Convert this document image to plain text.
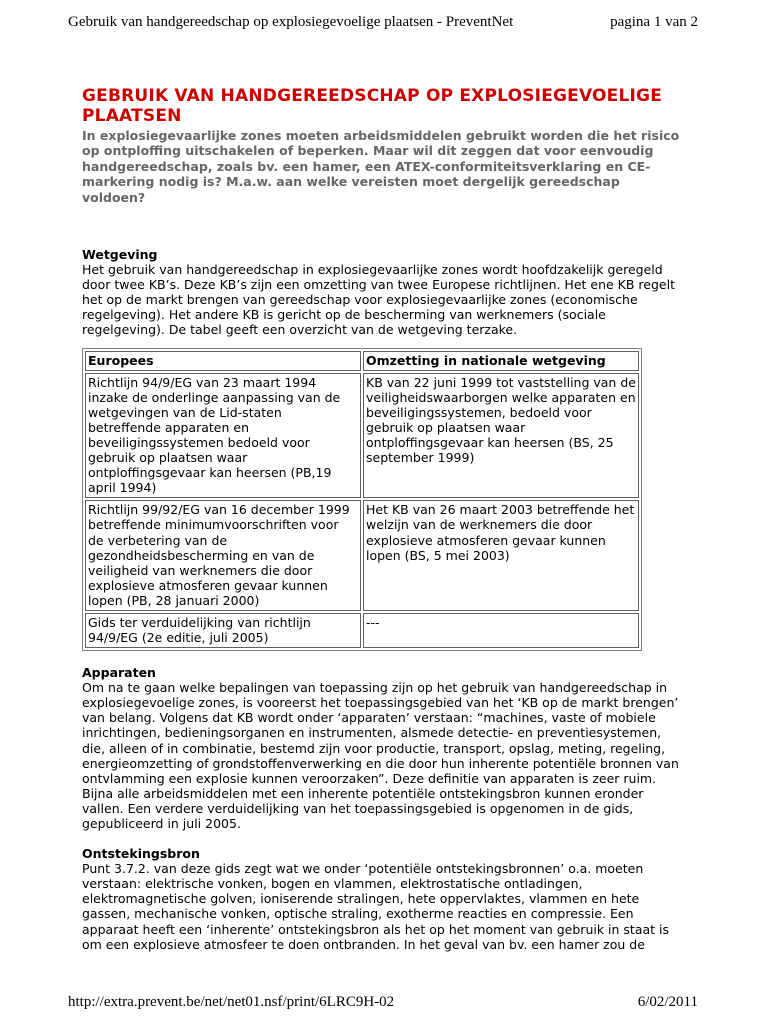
Gebruik van handgereedschap op explosiegevoelige plaatsen - PreventNet	pagina 1 van 2
GEBRUIK VAN HANDGEREEDSCHAP OP EXPLOSIEGEVOELIGE PLAATSEN

In explosiegevaarlijke zones moeten arbeidsmiddelen gebruikt worden die het risico op ontploffing uitschakelen of beperken. Maar wil dit zeggen dat voor eenvoudig handgereedschap, zoals bv. een hamer, een ATEX-conformiteitsverklaring en CE-markering nodig is? M.a.w. aan welke vereisten moet dergelijk gereedschap voldoen?

Wetgeving

Het gebruik van handgereedschap in explosiegevaarlijke zones wordt hoofdzakelijk geregeld door twee KB’s. Deze KB’s zijn een omzetting van twee Europese richtlijnen. Het ene KB regelt het op de markt brengen van gereedschap voor explosiegevaarlijke zones (economische regelgeving). Het andere KB is gericht op de bescherming van werknemers (sociale regelgeving). De tabel geeft een overzicht van de wetgeving terzake.

Europees	Omzetting in nationale wetgeving
Richtlijn 94/9/EG van 23 maart 1994 inzake de onderlinge aanpassing van de wetgevingen van de Lid-staten betreffende apparaten en beveiligingssystemen bedoeld voor gebruik op plaatsen waar ontploffingsgevaar kan heersen (PB,19 april 1994)	KB van 22 juni 1999 tot vaststelling van de veiligheidswaarborgen welke apparaten en beveiligingssystemen, bedoeld voor gebruik op plaatsen waar ontploffingsgevaar kan heersen (BS, 25 september 1999)
Richtlijn 99/92/EG van 16 december 1999 betreffende minimumvoorschriften voor de verbetering van de gezondheidsbescherming en van de veiligheid van werknemers die door explosieve atmosferen gevaar kunnen lopen (PB, 28 januari 2000)	Het KB van 26 maart 2003 betreffende het welzijn van de werknemers die door explosieve atmosferen gevaar kunnen lopen (BS, 5 mei 2003)
Gids ter verduidelijking van richtlijn 94/9/EG (2e editie, juli 2005)	---

Apparaten

Om na te gaan welke bepalingen van toepassing zijn op het gebruik van handgereedschap in explosiegevoelige zones, is vooreerst het toepassingsgebied van het ‘KB op de markt brengen’ van belang. Volgens dat KB wordt onder ‘apparaten’ verstaan: “machines, vaste of mobiele inrichtingen, bedieningsorganen en instrumenten, alsmede detectie- en preventiesystemen, die, alleen of in combinatie, bestemd zijn voor productie, transport, opslag, meting, regeling, energieomzetting of grondstoffenverwerking en die door hun inherente potentiële bronnen van ontvlamming een explosie kunnen veroorzaken”. Deze definitie van apparaten is zeer ruim. Bijna alle arbeidsmiddelen met een inherente potentiële ontstekingsbron kunnen eronder vallen. Een verdere verduidelijking van het toepassingsgebied is opgenomen in de gids, gepubliceerd in juli 2005.

Ontstekingsbron

Punt 3.7.2. van deze gids zegt wat we onder ‘potentiële ontstekingsbronnen’ o.a. moeten verstaan: elektrische vonken, bogen en vlammen, elektrostatische ontladingen, elektromagnetische golven, ioniserende stralingen, hete oppervlaktes, vlammen en hete gassen, mechanische vonken, optische straling, exotherme reacties en compressie. Een apparaat heeft een ‘inherente’ ontstekingsbron als het op het moment van gebruik in staat is om een explosieve atmosfeer te doen ontbranden. In het geval van bv. een hamer zou de

http://extra.prevent.be/net/net01.nsf/print/6LRC9H-02	6/02/2011
